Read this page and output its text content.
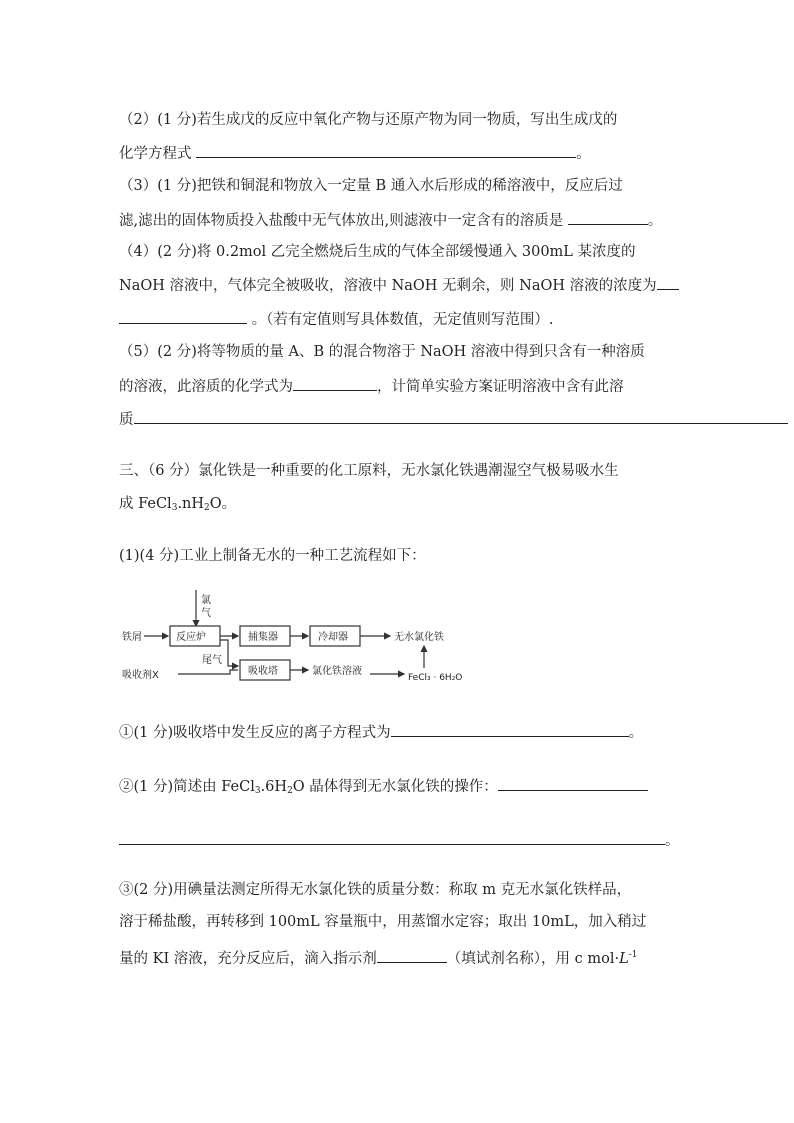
（2）(1 分)若生成戊的反应中氧化产物与还原产物为同一物质，写出生成戊的
化学方程式	。
（3）(1 分)把铁和铜混和物放入一定量 B 通入水后形成的稀溶液中，反应后过
滤,滤出的固体物质投入盐酸中无气体放出,则滤液中一定含有的溶质是	。
（4）(2 分)将 0.2mol 乙完全燃烧后生成的气体全部缓慢通入 300mL 某浓度的
NaOH 溶液中，气体完全被吸收，溶液中 NaOH 无剩余，则 NaOH 溶液的浓度为
。（若有定值则写具体数值，无定值则写范围）.
（5）(2 分)将等物质的量 A、B 的混合物溶于 NaOH 溶液中得到只含有一种溶质
的溶液，此溶质的化学式为	，计简单实验方案证明溶液中含有此溶
质
三、（6 分）氯化铁是一种重要的化工原料，无水氯化铁遇潮湿空气极易吸水生
成 $FeCl_3.nH_2O$。
(1)(4 分)工业上制备无水的一种工艺流程如下：
氯
气
铁屑	反应炉	捕集器	冷却器	无水氯化铁
尾气
吸收剂X	吸收塔	氯化铁溶液
FeCl₃ · 6H₂O
①(1 分)吸收塔中发生反应的离子方程式为	。
②(1 分)简述由 $FeCl_3.6H_2O$ 晶体得到无水氯化铁的操作：
。
③(2 分)用碘量法测定所得无水氯化铁的质量分数：称取 m 克无水氯化铁样品，
溶于稀盐酸，再转移到 100mL 容量瓶中，用蒸馏水定容；取出 10mL，加入稍过
量的 KI 溶液，充分反应后，滴入指示剂	（填试剂名称），用 c $mol\cdot L^{-1}$
